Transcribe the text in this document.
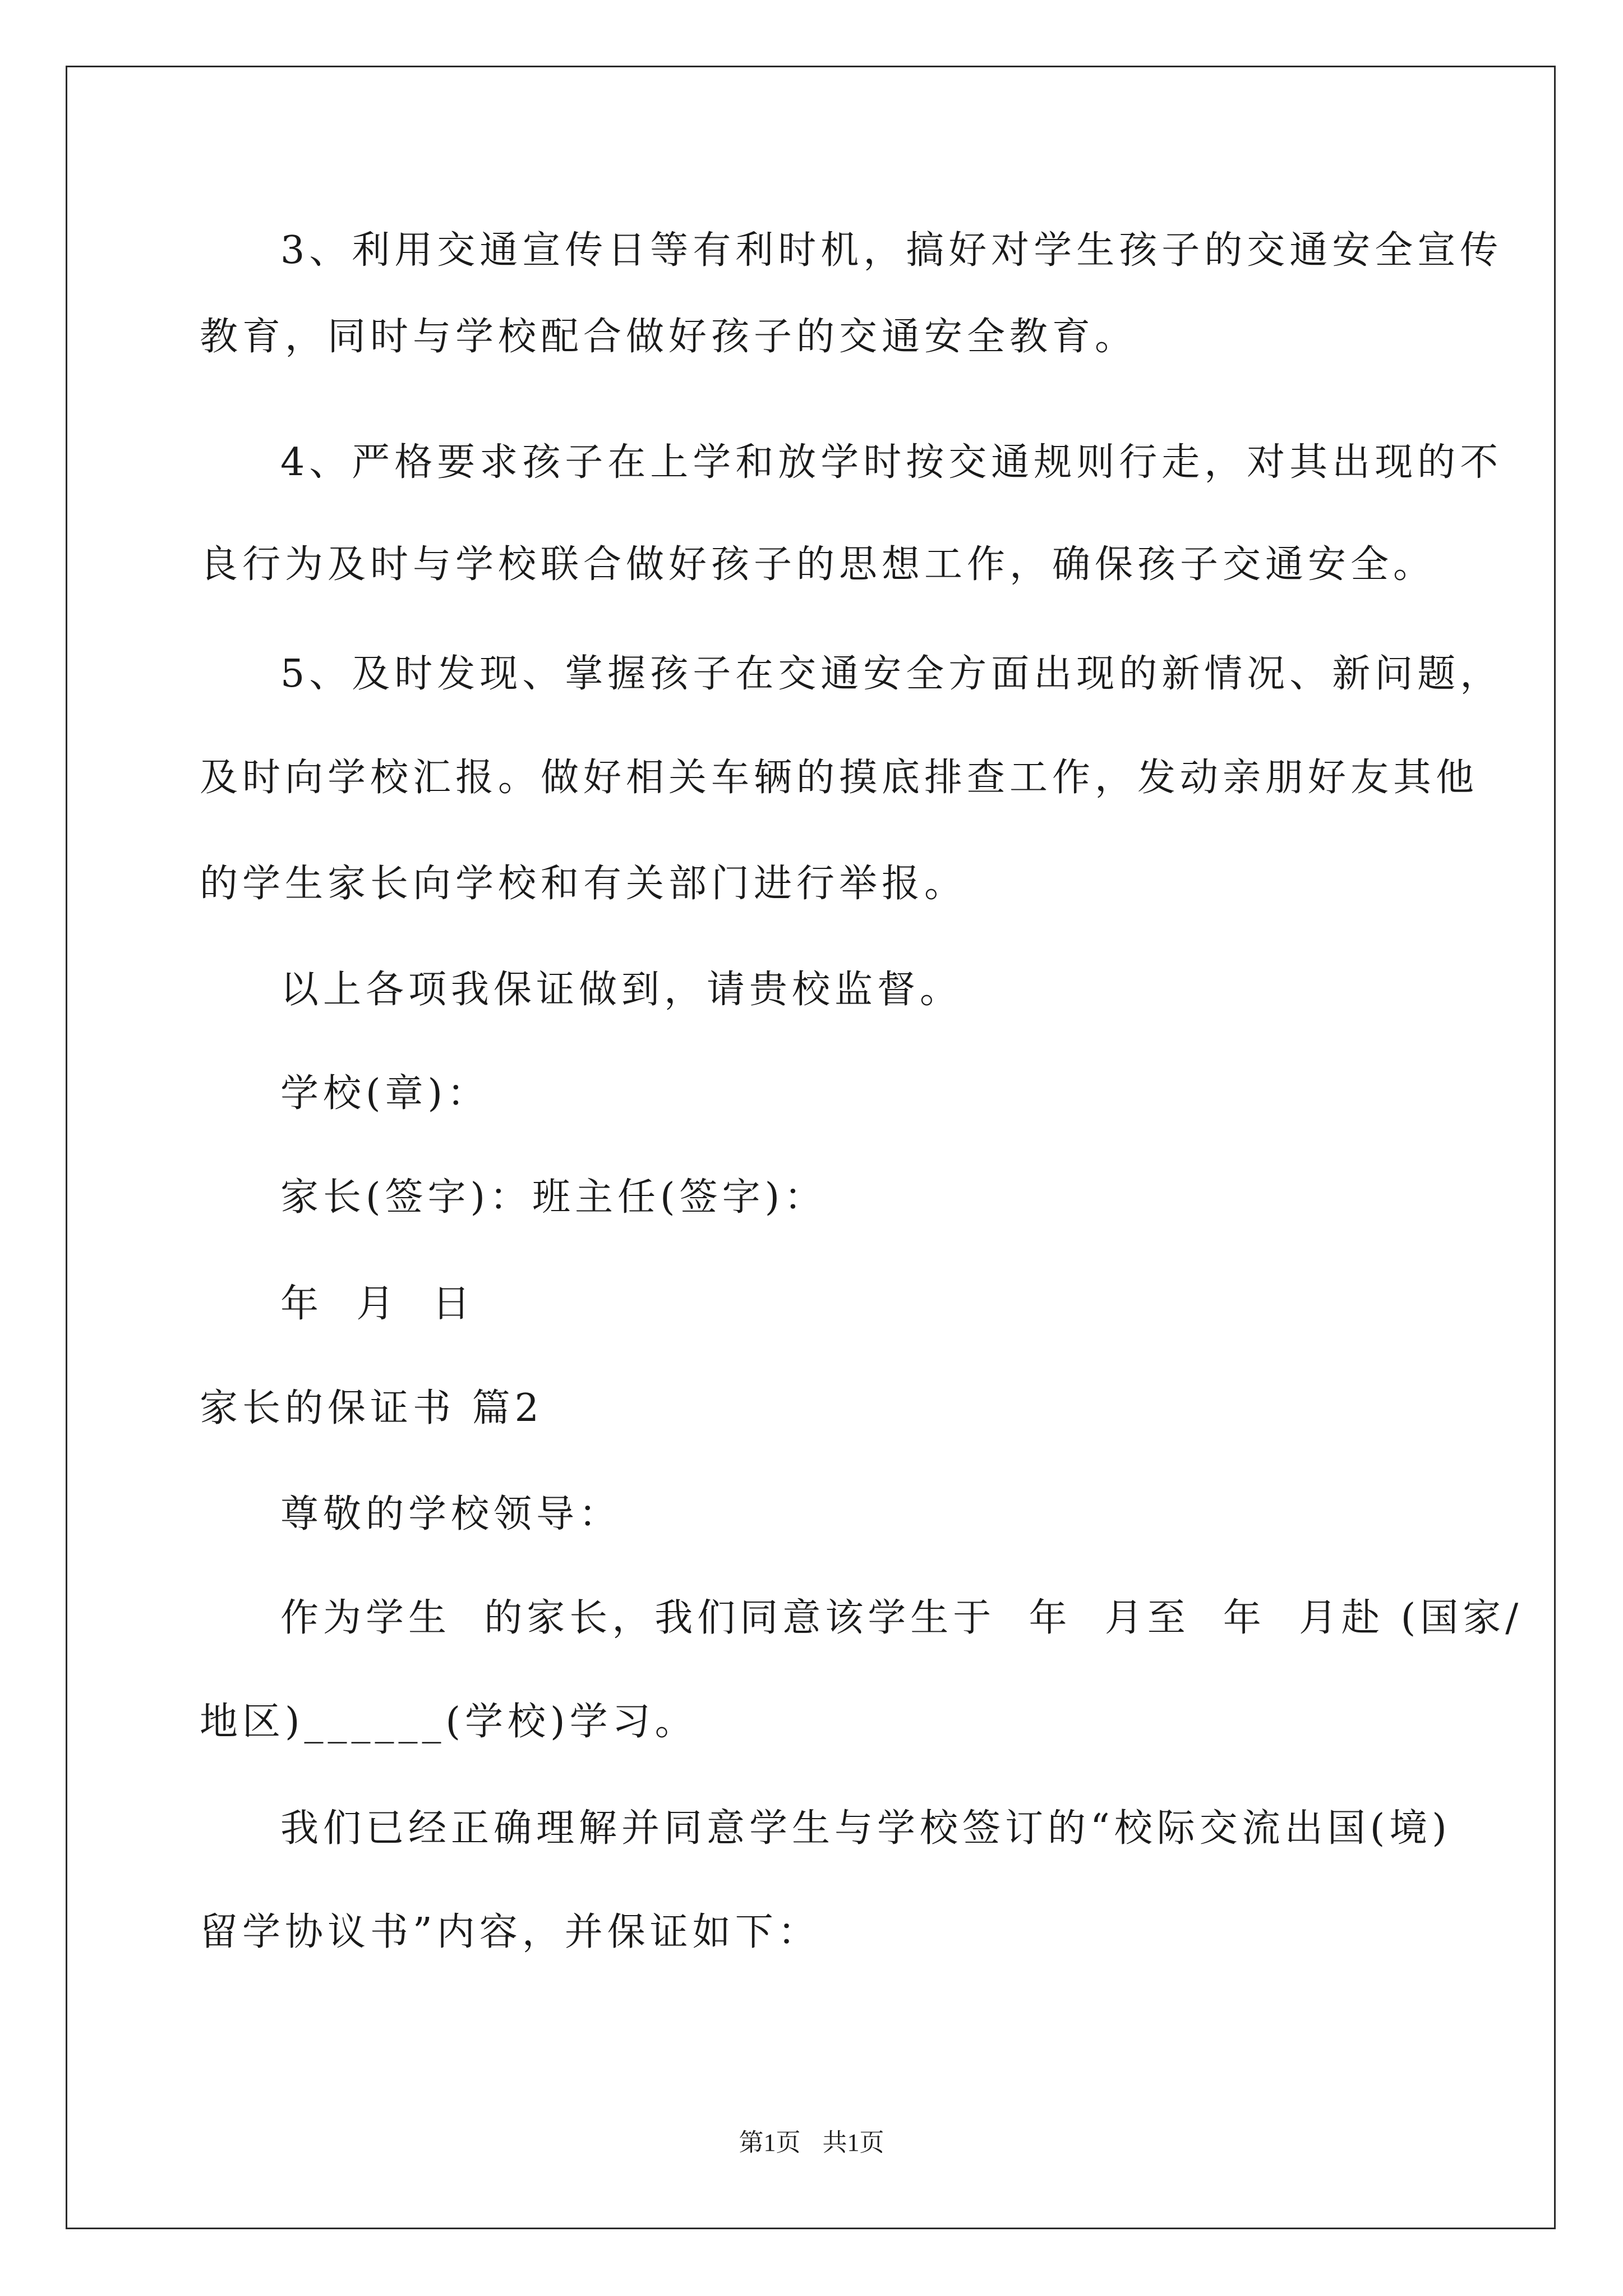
3、利用交通宣传日等有利时机，搞好对学生孩子的交通安全宣传
教育，同时与学校配合做好孩子的交通安全教育。
4、严格要求孩子在上学和放学时按交通规则行走，对其出现的不
良行为及时与学校联合做好孩子的思想工作，确保孩子交通安全。
5、及时发现、掌握孩子在交通安全方面出现的新情况、新问题，
及时向学校汇报。做好相关车辆的摸底排查工作，发动亲朋好友其他
的学生家长向学校和有关部门进行举报。
以上各项我保证做到，请贵校监督。
学校(章)：
家长(签字)：班主任(签字)：
年  月  日
家长的保证书 篇2
尊敬的学校领导：
作为学生  的家长，我们同意该学生于  年  月至  年  月赴 (国家/
地区)______(学校)学习。
我们已经正确理解并同意学生与学校签订的“校际交流出国(境)
留学协议书”内容，并保证如下：
第1页 共1页
